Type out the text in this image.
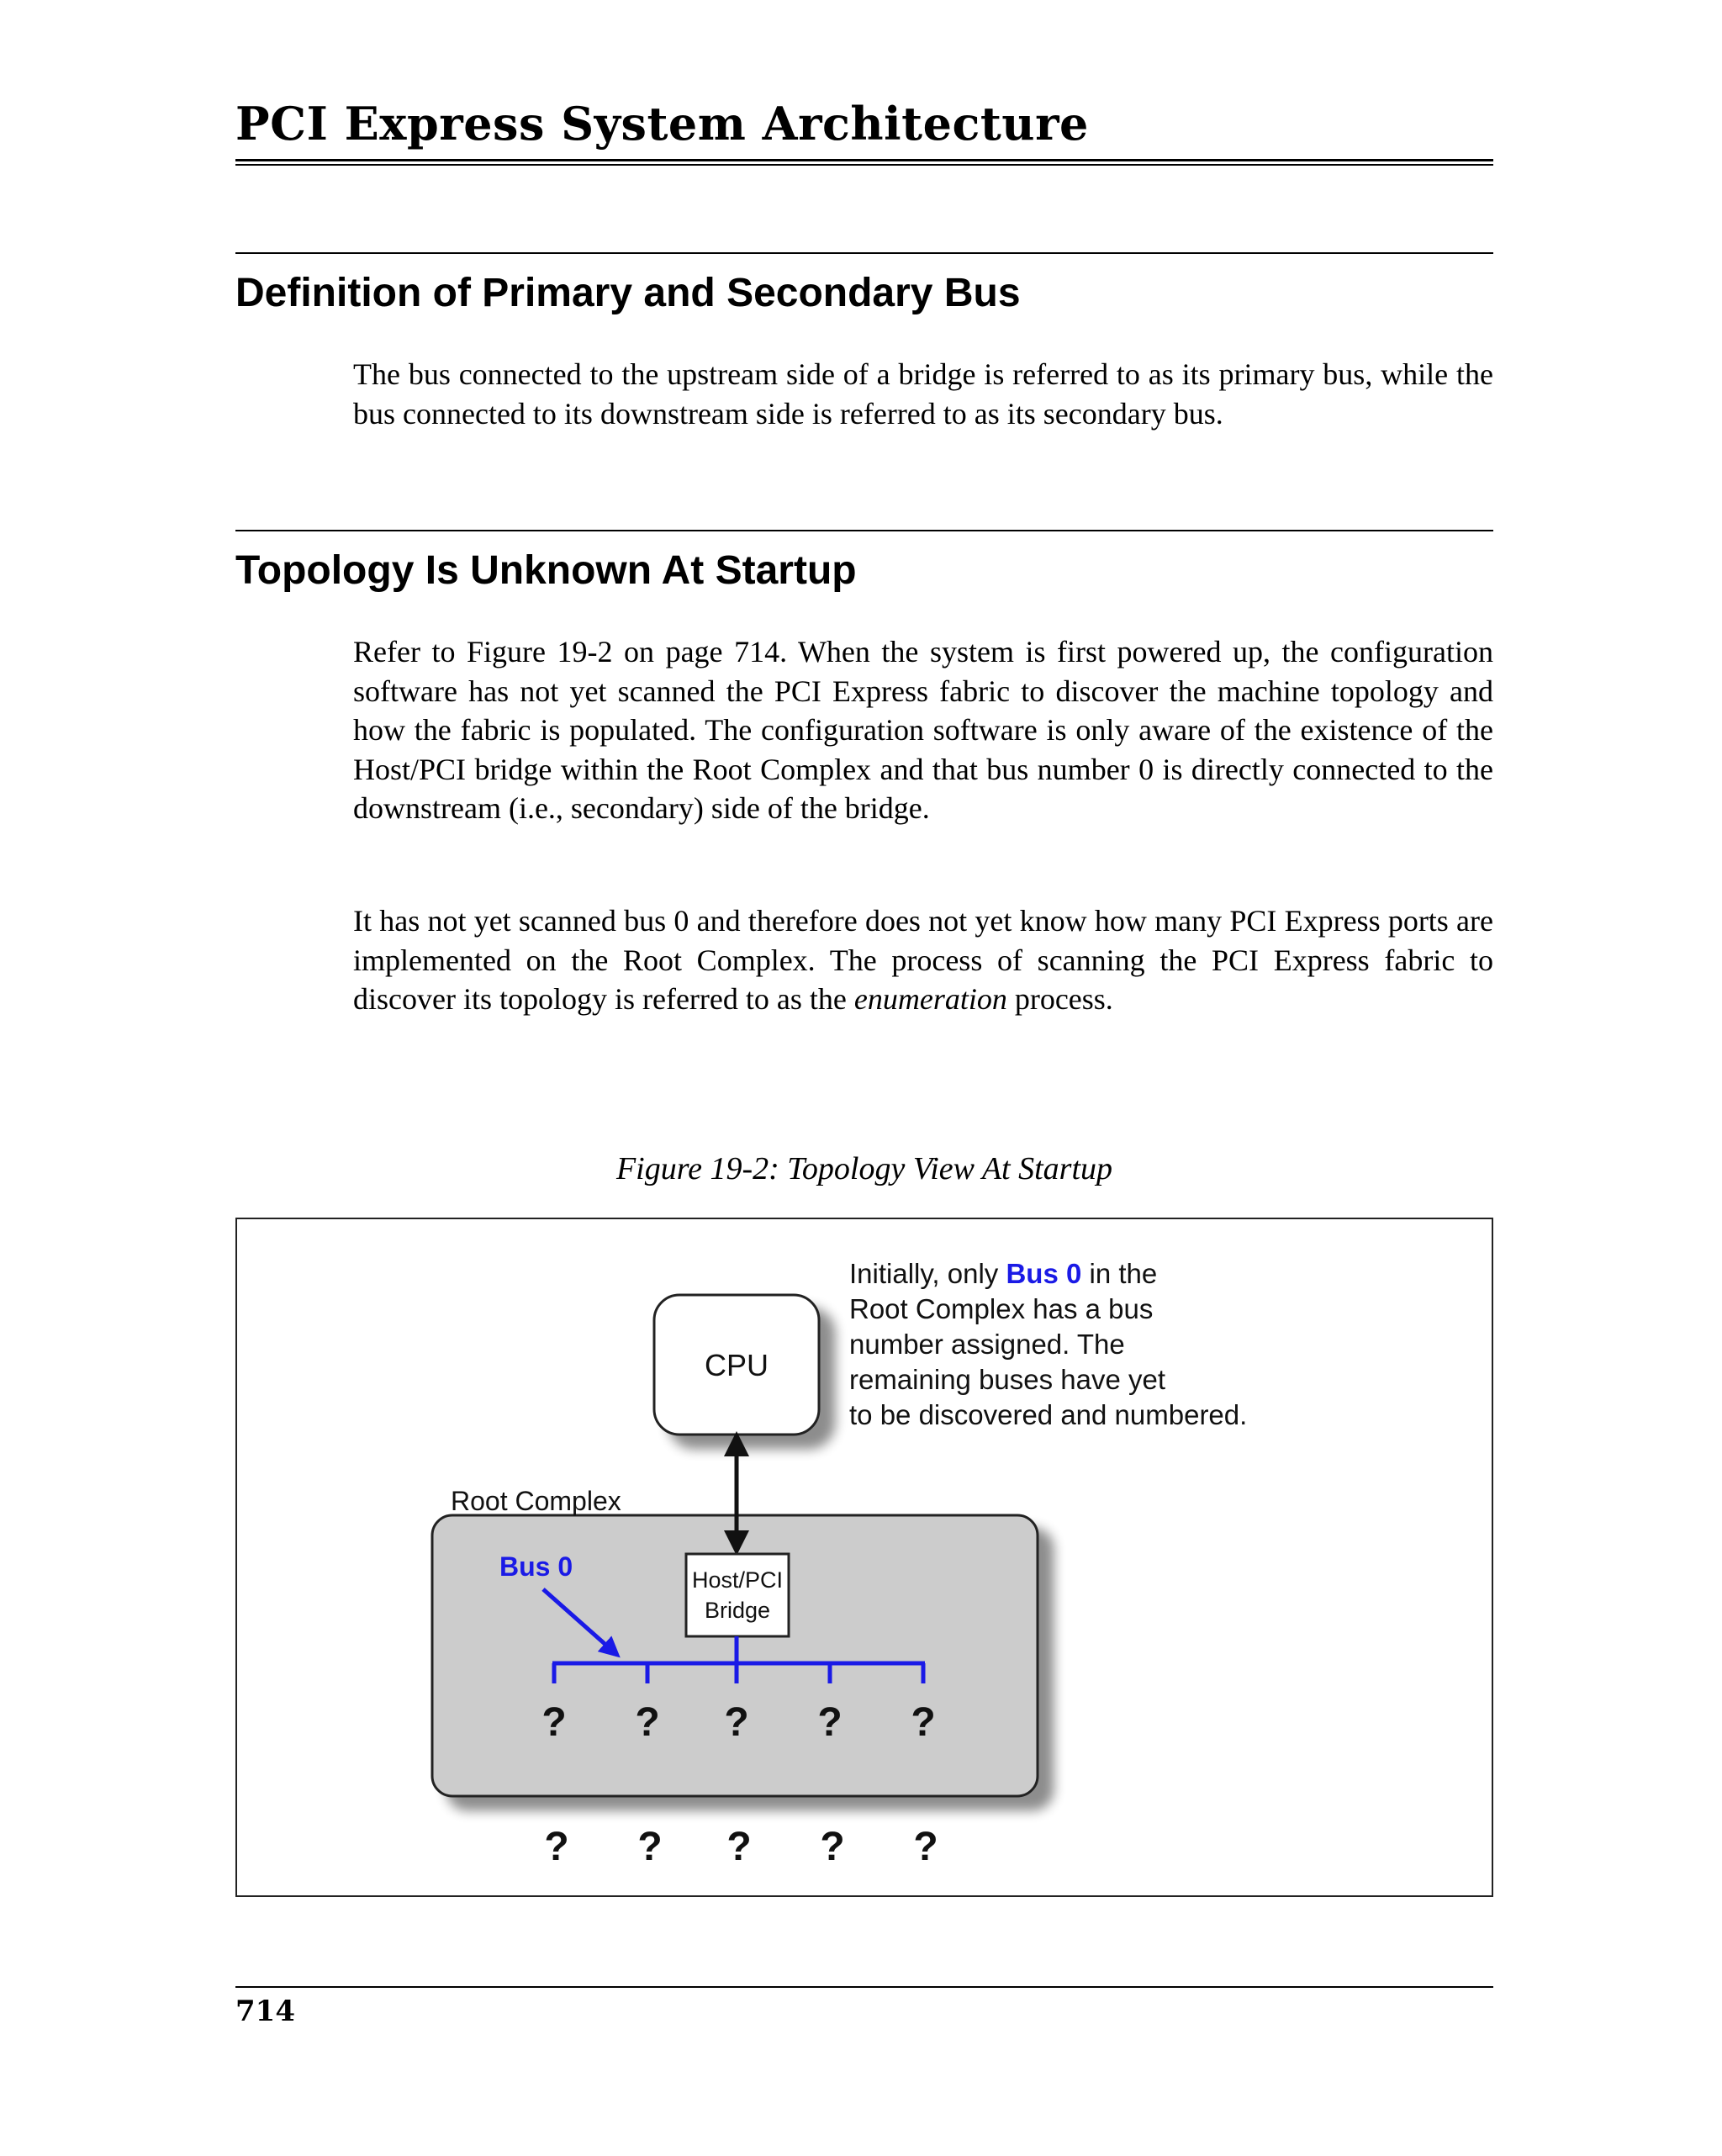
PCI Express System Architecture
Definition of Primary and Secondary Bus

The bus connected to the upstream side of a bridge is referred to as its primary bus, while the bus connected to its downstream side is referred to as its secondary bus.

Topology Is Unknown At Startup

Refer to Figure 19-2 on page 714. When the system is first powered up, the configuration software has not yet scanned the PCI Express fabric to discover the machine topology and how the fabric is populated. The configuration software is only aware of the existence of the Host/PCI bridge within the Root Complex and that bus number 0 is directly connected to the downstream (i.e., secondary) side of the bridge.

It has not yet scanned bus 0 and therefore does not yet know how many PCI Express ports are implemented on the Root Complex. The process of scanning the PCI Express fabric to discover its topology is referred to as the enumeration process.

Figure 19-2: Topology View At Startup
Root Complex
CPU
Host/PCI
Bridge
Bus 0
? ? ? ? ?
? ? ? ? ?
Initially, only Bus 0 in the
Root Complex has a bus
number assigned. The
remaining buses have yet
to be discovered and numbered.
714
